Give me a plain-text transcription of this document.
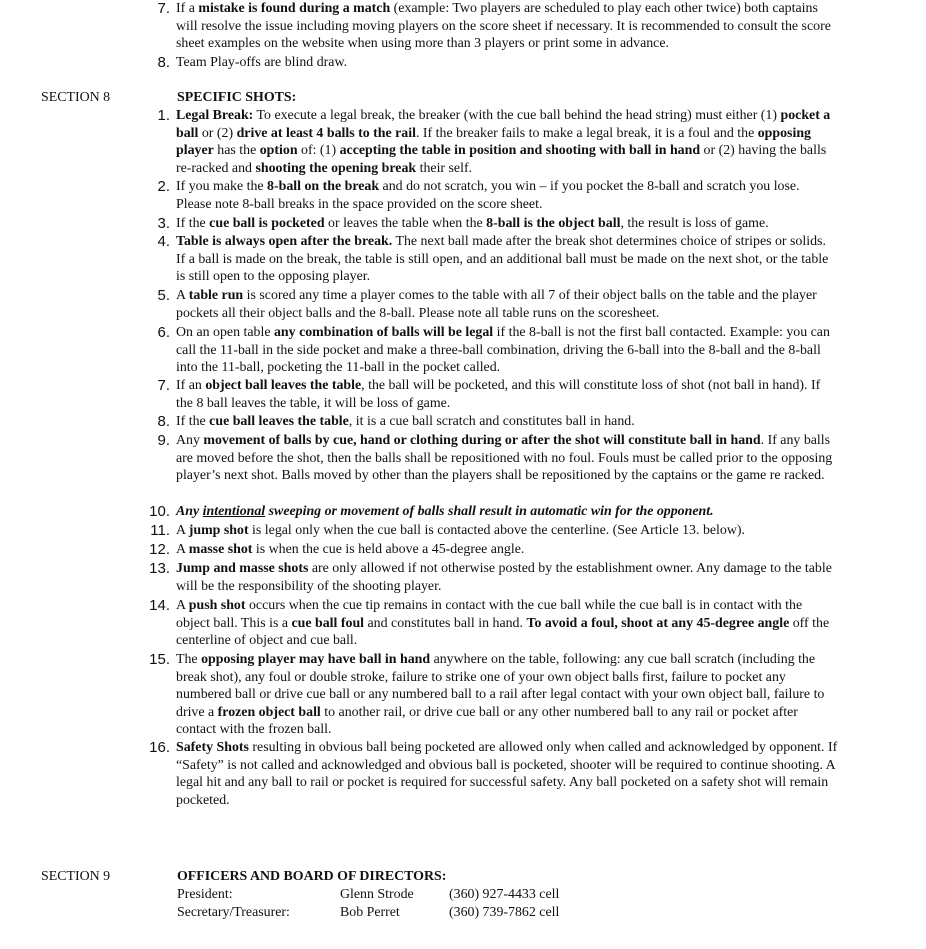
7. If a mistake is found during a match (example: Two players are scheduled to play each other twice) both captains will resolve the issue including moving players on the score sheet if necessary. It is recommended to consult the score sheet examples on the website when using more than 3 players or print some in advance.
8. Team Play-offs are blind draw.
SECTION 8	SPECIFIC SHOTS:
1. Legal Break: To execute a legal break, the breaker (with the cue ball behind the head string) must either (1) pocket a ball or (2) drive at least 4 balls to the rail. If the breaker fails to make a legal break, it is a foul and the opposing player has the option of: (1) accepting the table in position and shooting with ball in hand or (2) having the balls re-racked and shooting the opening break their self.
2. If you make the 8-ball on the break and do not scratch, you win – if you pocket the 8-ball and scratch you lose. Please note 8-ball breaks in the space provided on the score sheet.
3. If the cue ball is pocketed or leaves the table when the 8-ball is the object ball, the result is loss of game.
4. Table is always open after the break. The next ball made after the break shot determines choice of stripes or solids. If a ball is made on the break, the table is still open, and an additional ball must be made on the next shot, or the table is still open to the opposing player.
5. A table run is scored any time a player comes to the table with all 7 of their object balls on the table and the player pockets all their object balls and the 8-ball. Please note all table runs on the scoresheet.
6. On an open table any combination of balls will be legal if the 8-ball is not the first ball contacted. Example: you can call the 11-ball in the side pocket and make a three-ball combination, driving the 6-ball into the 8-ball and the 8-ball into the 11-ball, pocketing the 11-ball in the pocket called.
7. If an object ball leaves the table, the ball will be pocketed, and this will constitute loss of shot (not ball in hand). If the 8 ball leaves the table, it will be loss of game.
8. If the cue ball leaves the table, it is a cue ball scratch and constitutes ball in hand.
9. Any movement of balls by cue, hand or clothing during or after the shot will constitute ball in hand. If any balls are moved before the shot, then the balls shall be repositioned with no foul. Fouls must be called prior to the opposing player’s next shot. Balls moved by other than the players shall be repositioned by the captains or the game re racked.
10. Any intentional sweeping or movement of balls shall result in automatic win for the opponent.
11. A jump shot is legal only when the cue ball is contacted above the centerline. (See Article 13. below).
12. A masse shot is when the cue is held above a 45-degree angle.
13. Jump and masse shots are only allowed if not otherwise posted by the establishment owner. Any damage to the table will be the responsibility of the shooting player.
14. A push shot occurs when the cue tip remains in contact with the cue ball while the cue ball is in contact with the object ball. This is a cue ball foul and constitutes ball in hand. To avoid a foul, shoot at any 45-degree angle off the centerline of object and cue ball.
15. The opposing player may have ball in hand anywhere on the table, following: any cue ball scratch (including the break shot), any foul or double stroke, failure to strike one of your own object balls first, failure to pocket any numbered ball or drive cue ball or any numbered ball to a rail after legal contact with your own object ball, failure to drive a frozen object ball to another rail, or drive cue ball or any other numbered ball to any rail or pocket after contact with the frozen ball.
16. Safety Shots resulting in obvious ball being pocketed are allowed only when called and acknowledged by opponent. If “Safety” is not called and acknowledged and obvious ball is pocketed, shooter will be required to continue shooting. A legal hit and any ball to rail or pocket is required for successful safety. Any ball pocketed on a safety shot will remain pocketed.
SECTION 9	OFFICERS AND BOARD OF DIRECTORS:
President:	Glenn Strode	(360) 927-4433 cell
Secretary/Treasurer:	Bob Perret	(360) 739-7862 cell
